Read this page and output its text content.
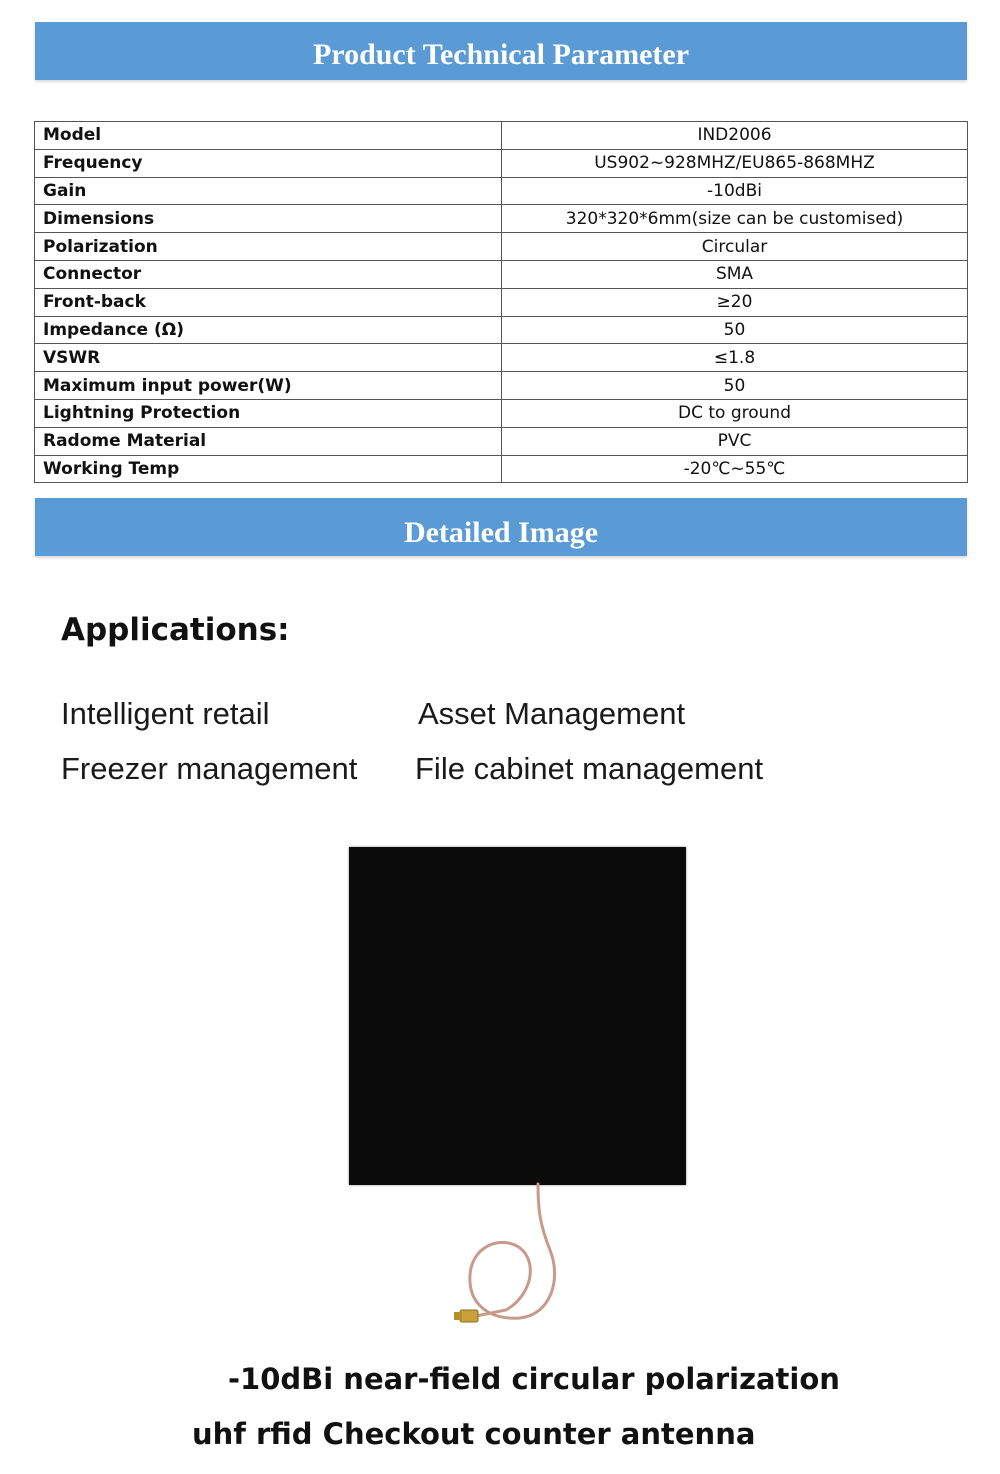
Product Technical Parameter
Model	IND2006
Frequency	US902~928MHZ/EU865-868MHZ
Gain	-10dBi
Dimensions	320*320*6mm(size can be customised)
Polarization	Circular
Connector	SMA
Front-back	≥20
Impedance (Ω)	50
VSWR	≤1.8
Maximum input power(W)	50
Lightning Protection	DC to ground
Radome Material	PVC
Working Temp	-20℃~55℃
Detailed Image
Applications:
Intelligent retail	Asset Management
Freezer management File cabinet management
-10dBi near-field circular polarization
uhf rfid Checkout counter antenna
